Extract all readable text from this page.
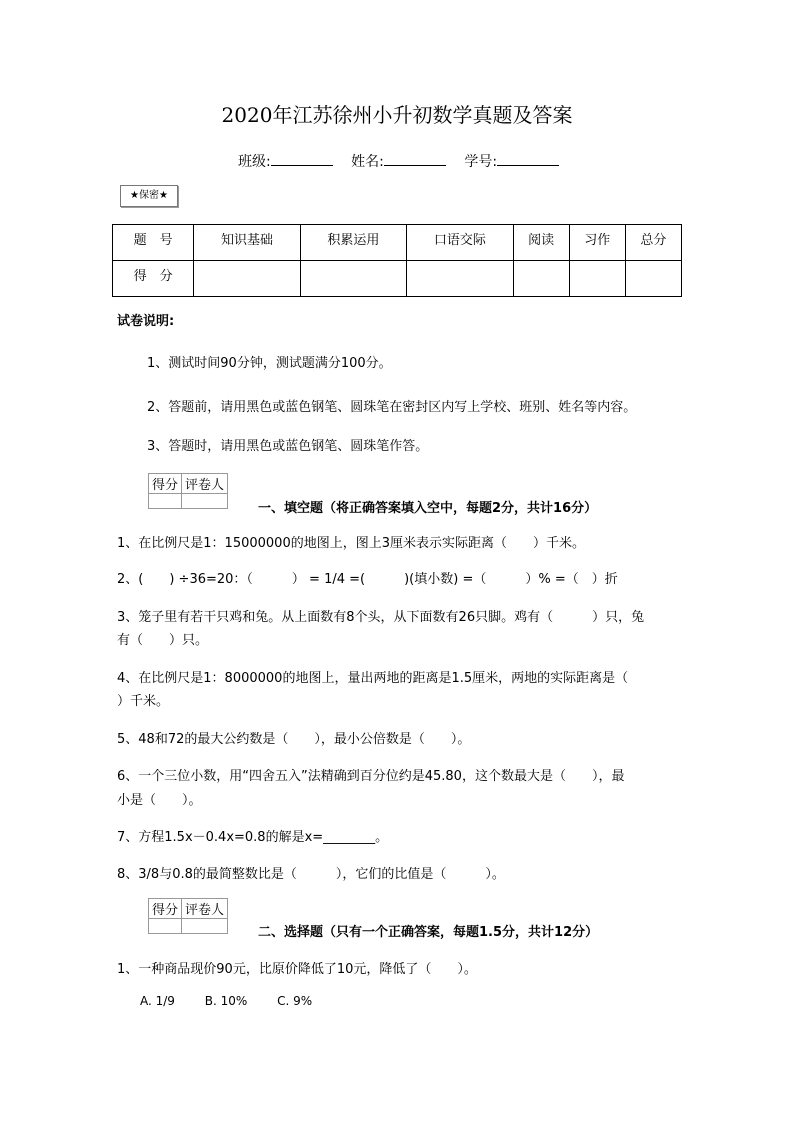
2020年江苏徐州小升初数学真题及答案
班级:	姓名:	学号:
★保密★
题　号	知识基础	积累运用	口语交际	阅读	习作	总分
得　分						
试卷说明:
1、测试时间90分钟，测试题满分100分。
2、答题前，请用黑色或蓝色钢笔、圆珠笔在密封区内写上学校、班别、姓名等内容。
3、答题时，请用黑色或蓝色钢笔、圆珠笔作答。
得分	评卷人

一、填空题（将正确答案填入空中，每题2分，共计16分）
1、在比例尺是1：15000000的地图上，图上3厘米表示实际距离（　　）千米。
2、(　　) ÷36=20：（　　　） = 1/4 =(　　　)(填小数) =（　　　）% =（　）折
3、笼子里有若干只鸡和兔。从上面数有8个头，从下面数有26只脚。鸡有（　　　）只，兔
有（　　）只。
4、在比例尺是1：8000000的地图上，量出两地的距离是1.5厘米，两地的实际距离是（
）千米。
5、48和72的最大公约数是（　　），最小公倍数是（　　）。
6、一个三位小数，用“四舍五入”法精确到百分位约是45.80，这个数最大是（　　），最
小是（　　）。
7、方程1.5x－0.4x=0.8的解是x=________。
8、3/8与0.8的最简整数比是（　　　），它们的比值是（　　　）。
得分	评卷人

二、选择题（只有一个正确答案，每题1.5分，共计12分）
1、一种商品现价90元，比原价降低了10元，降低了（　　）。
A. 1/9 B. 10% C. 9%
